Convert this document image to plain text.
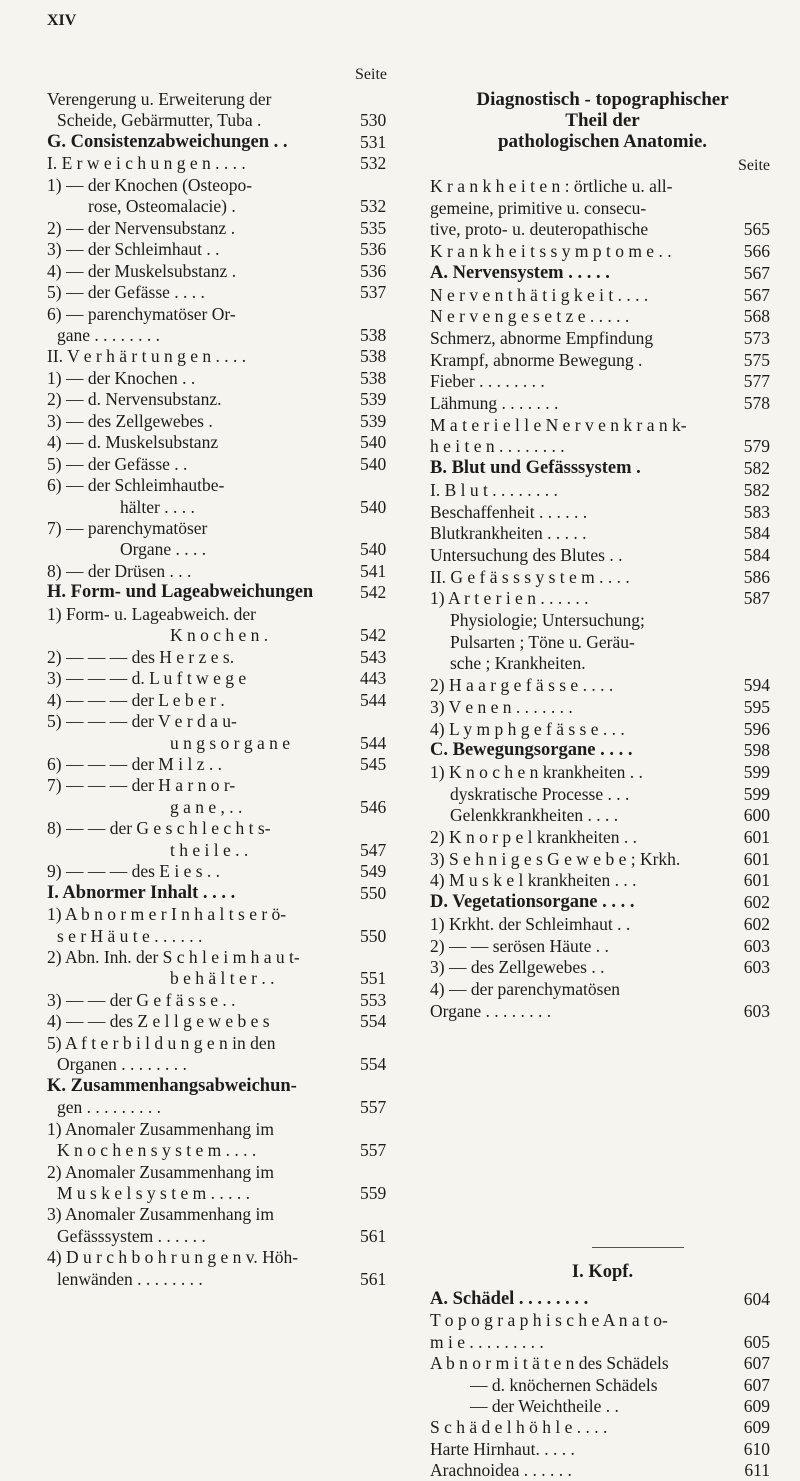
XIV
Seite
Verengerung u. Erweiterung der
Scheide, Gebärmutter, Tuba .	530
G. Consistenzabweichungen . .	531
I. E r w e i c h u n g e n . . . .	532
1) — der Knochen (Osteopo-
rose, Osteomalacie) .	532
2) — der Nervensubstanz .	535
3) — der Schleimhaut . .	536
4) — der Muskelsubstanz .	536
5) — der Gefässe . . . .	537
6) — parenchymatöser Or-
gane . . . . . . . .	538
II. V e r h ä r t u n g e n . . . .	538
1) — der Knochen . .	538
2) — d. Nervensubstanz.	539
3) — des Zellgewebes .	539
4) — d. Muskelsubstanz	540
5) — der Gefässe . .	540
6) — der Schleimhautbe-
hälter . . . .	540
7) — parenchymatöser
Organe . . . .	540
8) — der Drüsen . . .	541
H. Form- und Lageabweichungen	542
1) Form- u. Lageabweich. der
K n o c h e n .	542
2) — — — des H e r z e s.	543
3) — — — d. L u f t w e g e	443
4) — — — der L e b e r .	544
5) — — — der V e r d a u-
u n g s o r g a n e	544
6) — — — der M i l z . .	545
7) — — — der H a r n o r-
g a n e , . .	546
8) — — der G e s c h l e c h t s-
t h e i l e . .	547
9) — — — des E i e s . .	549
I. Abnormer Inhalt . . . .	550
1) A b n o r m e r I n h a l t s e r ö-
s e r H ä u t e . . . . . .	550
2) Abn. Inh. der S c h l e i m h a u t-
b e h ä l t e r . .	551
3) — — der G e f ä s s e . .	553
4) — — des Z e l l g e w e b e s	554
5) A f t e r b i l d u n g e n in den
Organen . . . . . . . .	554
K. Zusammenhangsabweichun-
gen . . . . . . . . .	557
1) Anomaler Zusammenhang im
K n o c h e n s y s t e m . . . .	557
2) Anomaler Zusammenhang im
M u s k e l s y s t e m . . . . .	559
3) Anomaler Zusammenhang im
Gefässsystem . . . . . .	561
4) D u r c h b o h r u n g e n v. Höh-
lenwänden . . . . . . . .	561
Diagnostisch - topographischer
Theil der
pathologischen Anatomie.
Seite
I. Kopf.
K r a n k h e i t e n : örtliche u. all-
gemeine, primitive u. consecu-
tive, proto- u. deuteropathische	565
K r a n k h e i t s s y m p t o m e . .	566
A. Nervensystem . . . . .	567
N e r v e n t h ä t i g k e i t . . . .	567
N e r v e n g e s e t z e . . . . .	568
Schmerz, abnorme Empfindung	573
Krampf, abnorme Bewegung .	575
Fieber . . . . . . . .	577
Lähmung . . . . . . .	578
M a t e r i e l l e N e r v e n k r a n k-
h e i t e n . . . . . . . .	579
B. Blut und Gefässsystem .	582
I. B l u t . . . . . . . .	582
Beschaffenheit . . . . . .	583
Blutkrankheiten . . . . .	584
Untersuchung des Blutes . .	584
II. G e f ä s s s y s t e m . . . .	586
1) A r t e r i e n . . . . . .	587
Physiologie; Untersuchung;
Pulsarten ; Töne u. Geräu-
sche ; Krankheiten.
2) H a a r g e f ä s s e . . . .	594
3) V e n e n . . . . . . .	595
4) L y m p h g e f ä s s e . . .	596
C. Bewegungsorgane . . . .	598
1) K n o c h e n krankheiten . .	599
dyskratische Processe . . .	599
Gelenkkrankheiten . . . .	600
2) K n o r p e l krankheiten . .	601
3) S e h n i g e s G e w e b e ; Krkh.	601
4) M u s k e l krankheiten . . .	601
D. Vegetationsorgane . . . .	602
1) Krkht. der Schleimhaut . .	602
2) — — serösen Häute . .	603
3) — des Zellgewebes . .	603
4) — der parenchymatösen
Organe . . . . . . . .	603
A. Schädel . . . . . . . .	604
T o p o g r a p h i s c h e A n a t o-
m i e . . . . . . . . .	605
A b n o r m i t ä t e n des Schädels	607
— d. knöchernen Schädels	607
— der Weichtheile . .	609
S c h ä d e l h ö h l e . . . .	609
Harte Hirnhaut. . . . .	610
Arachnoidea . . . . . .	611
